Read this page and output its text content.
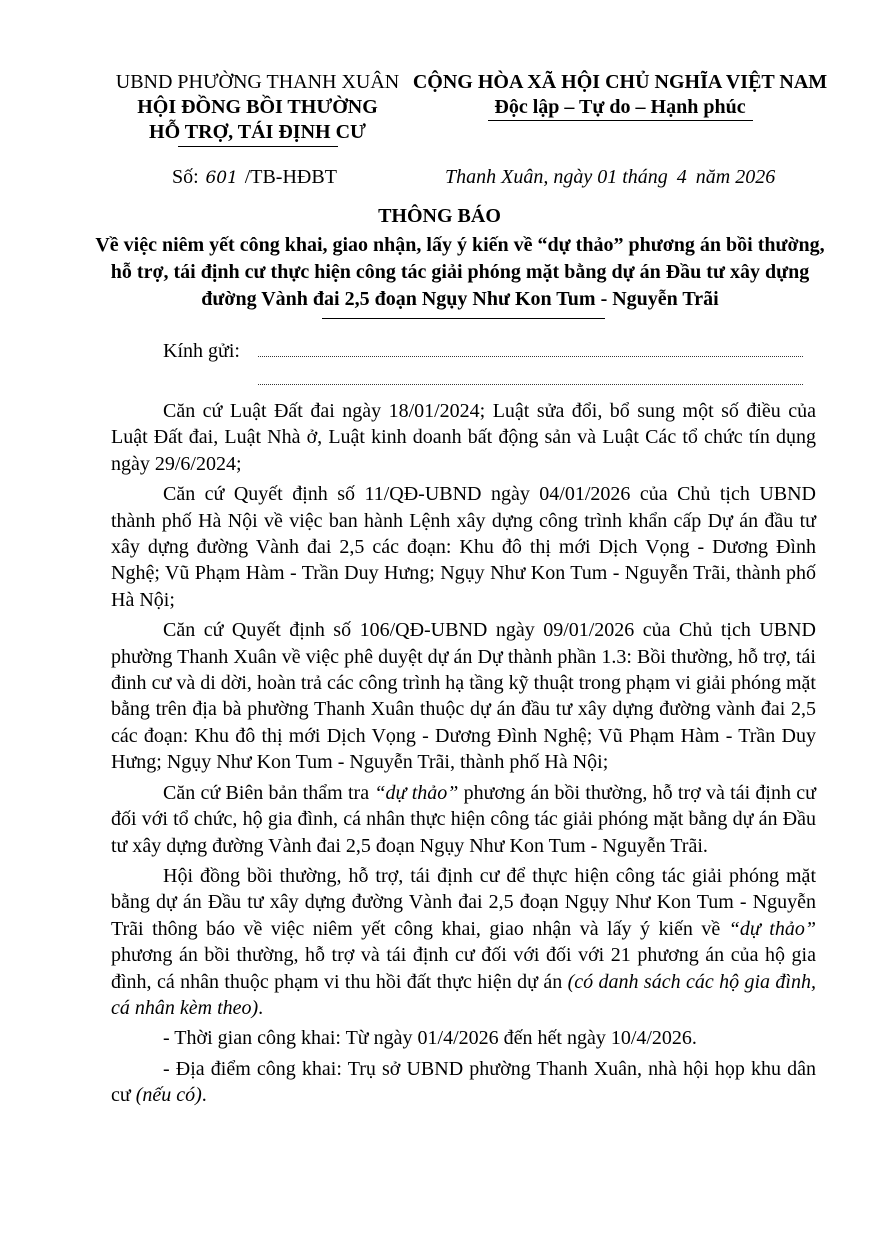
UBND PHƯỜNG THANH XUÂN
HỘI ĐỒNG BỒI THƯỜNG
HỖ TRỢ, TÁI ĐỊNH CƯ
CỘNG HÒA XÃ HỘI CHỦ NGHĨA VIỆT NAM
Độc lập – Tự do – Hạnh phúc
Số: 601 /TB-HĐBT	Thanh Xuân, ngày 01 tháng 4 năm 2026
THÔNG BÁO
Về việc niêm yết công khai, giao nhận, lấy ý kiến về “dự thảo” phương án bồi thường, hỗ trợ, tái định cư thực hiện công tác giải phóng mặt bằng dự án Đầu tư xây dựng đường Vành đai 2,5 đoạn Ngụy Như Kon Tum - Nguyễn Trãi
Kính gửi:

Căn cứ Luật Đất đai ngày 18/01/2024; Luật sửa đổi, bổ sung một số điều của Luật Đất đai, Luật Nhà ở, Luật kinh doanh bất động sản và Luật Các tổ chức tín dụng ngày 29/6/2024;

Căn cứ Quyết định số 11/QĐ-UBND ngày 04/01/2026 của Chủ tịch UBND thành phố Hà Nội về việc ban hành Lệnh xây dựng công trình khẩn cấp Dự án đầu tư xây dựng đường Vành đai 2,5 các đoạn: Khu đô thị mới Dịch Vọng - Dương Đình Nghệ; Vũ Phạm Hàm - Trần Duy Hưng; Ngụy Như Kon Tum - Nguyễn Trãi, thành phố Hà Nội;

Căn cứ Quyết định số 106/QĐ-UBND ngày 09/01/2026 của Chủ tịch UBND phường Thanh Xuân về việc phê duyệt dự án Dự thành phần 1.3: Bồi thường, hỗ trợ, tái đinh cư và di dời, hoàn trả các công trình hạ tầng kỹ thuật trong phạm vi giải phóng mặt bằng trên địa bà phường Thanh Xuân thuộc dự án đầu tư xây dựng đường vành đai 2,5 các đoạn: Khu đô thị mới Dịch Vọng - Dương Đình Nghệ; Vũ Phạm Hàm - Trần Duy Hưng; Ngụy Như Kon Tum - Nguyễn Trãi, thành phố Hà Nội;

Căn cứ Biên bản thẩm tra “dự thảo” phương án bồi thường, hỗ trợ và tái định cư đối với tổ chức, hộ gia đình, cá nhân thực hiện công tác giải phóng mặt bằng dự án Đầu tư xây dựng đường Vành đai 2,5 đoạn Ngụy Như Kon Tum - Nguyễn Trãi.

Hội đồng bồi thường, hỗ trợ, tái định cư để thực hiện công tác giải phóng mặt bằng dự án Đầu tư xây dựng đường Vành đai 2,5 đoạn Ngụy Như Kon Tum - Nguyễn Trãi thông báo về việc niêm yết công khai, giao nhận và lấy ý kiến về “dự thảo” phương án bồi thường, hỗ trợ và tái định cư đối với đối với 21 phương án của hộ gia đình, cá nhân thuộc phạm vi thu hồi đất thực hiện dự án (có danh sách các hộ gia đình, cá nhân kèm theo).

- Thời gian công khai: Từ ngày 01/4/2026 đến hết ngày 10/4/2026.

- Địa điểm công khai: Trụ sở UBND phường Thanh Xuân, nhà hội họp khu dân cư (nếu có).
